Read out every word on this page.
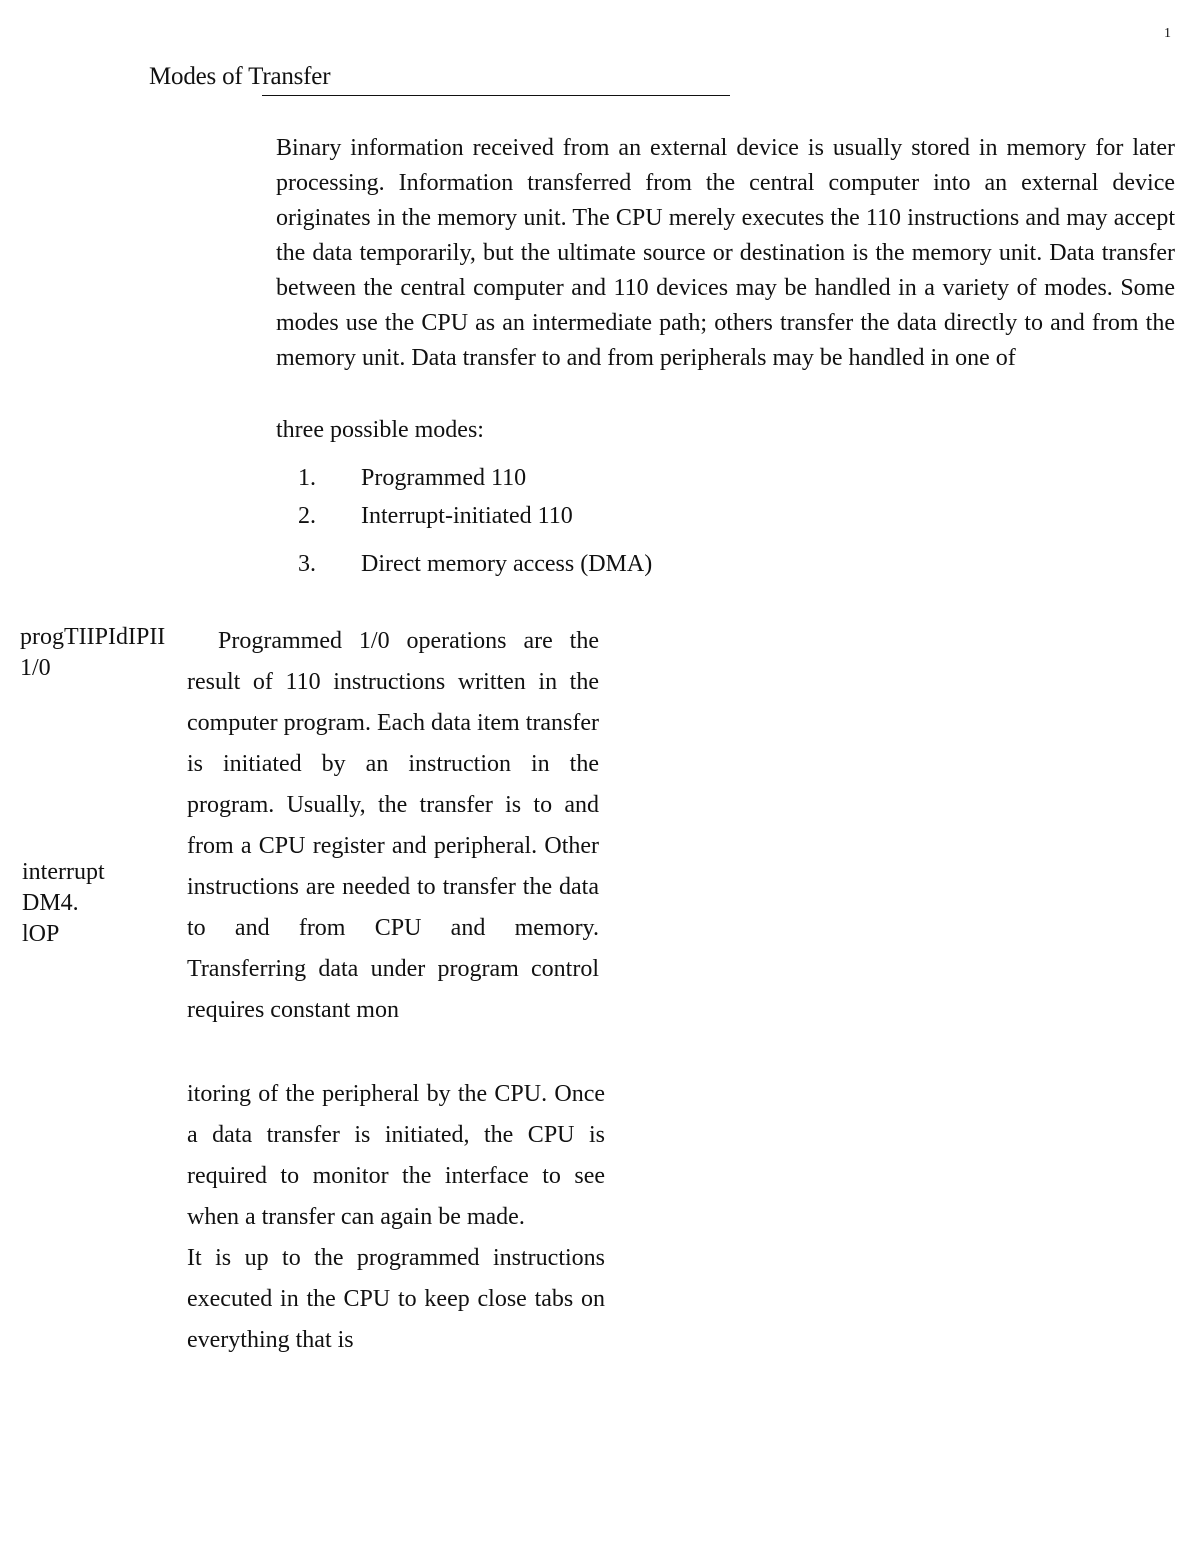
1
Modes of Transfer

Binary information received from an external device is usually stored in memory for later processing. Information transferred from the central computer into an external device originates in the memory unit. The CPU merely executes the 110 instructions and may accept the data temporarily, but the ultimate source or destination is the memory unit. Data transfer between the central computer and 110 devices may be handled in a variety of modes. Some modes use the CPU as an intermediate path; others transfer the data directly to and from the memory unit. Data transfer to and from peripherals may be handled in one of

three possible modes:
1. Programmed 110
2. Interrupt-initiated 110
3. Direct memory access (DMA)
progTIIPIdIPII
1/0
interrupt
DM4.
lOP

Programmed 1/0 operations are the result of 110 instructions written in the computer program. Each data item transfer is initiated by an instruction in the program. Usually, the transfer is to and from a CPU register and peripheral. Other instructions are needed to transfer the data to and from CPU and memory. Transferring data under program control requires constant mon

itoring of the peripheral by the CPU. Once a data transfer is initiated, the CPU is required to monitor the interface to see when a transfer can again be made.
It is up to the programmed instructions executed in the CPU to keep close tabs on everything that is
